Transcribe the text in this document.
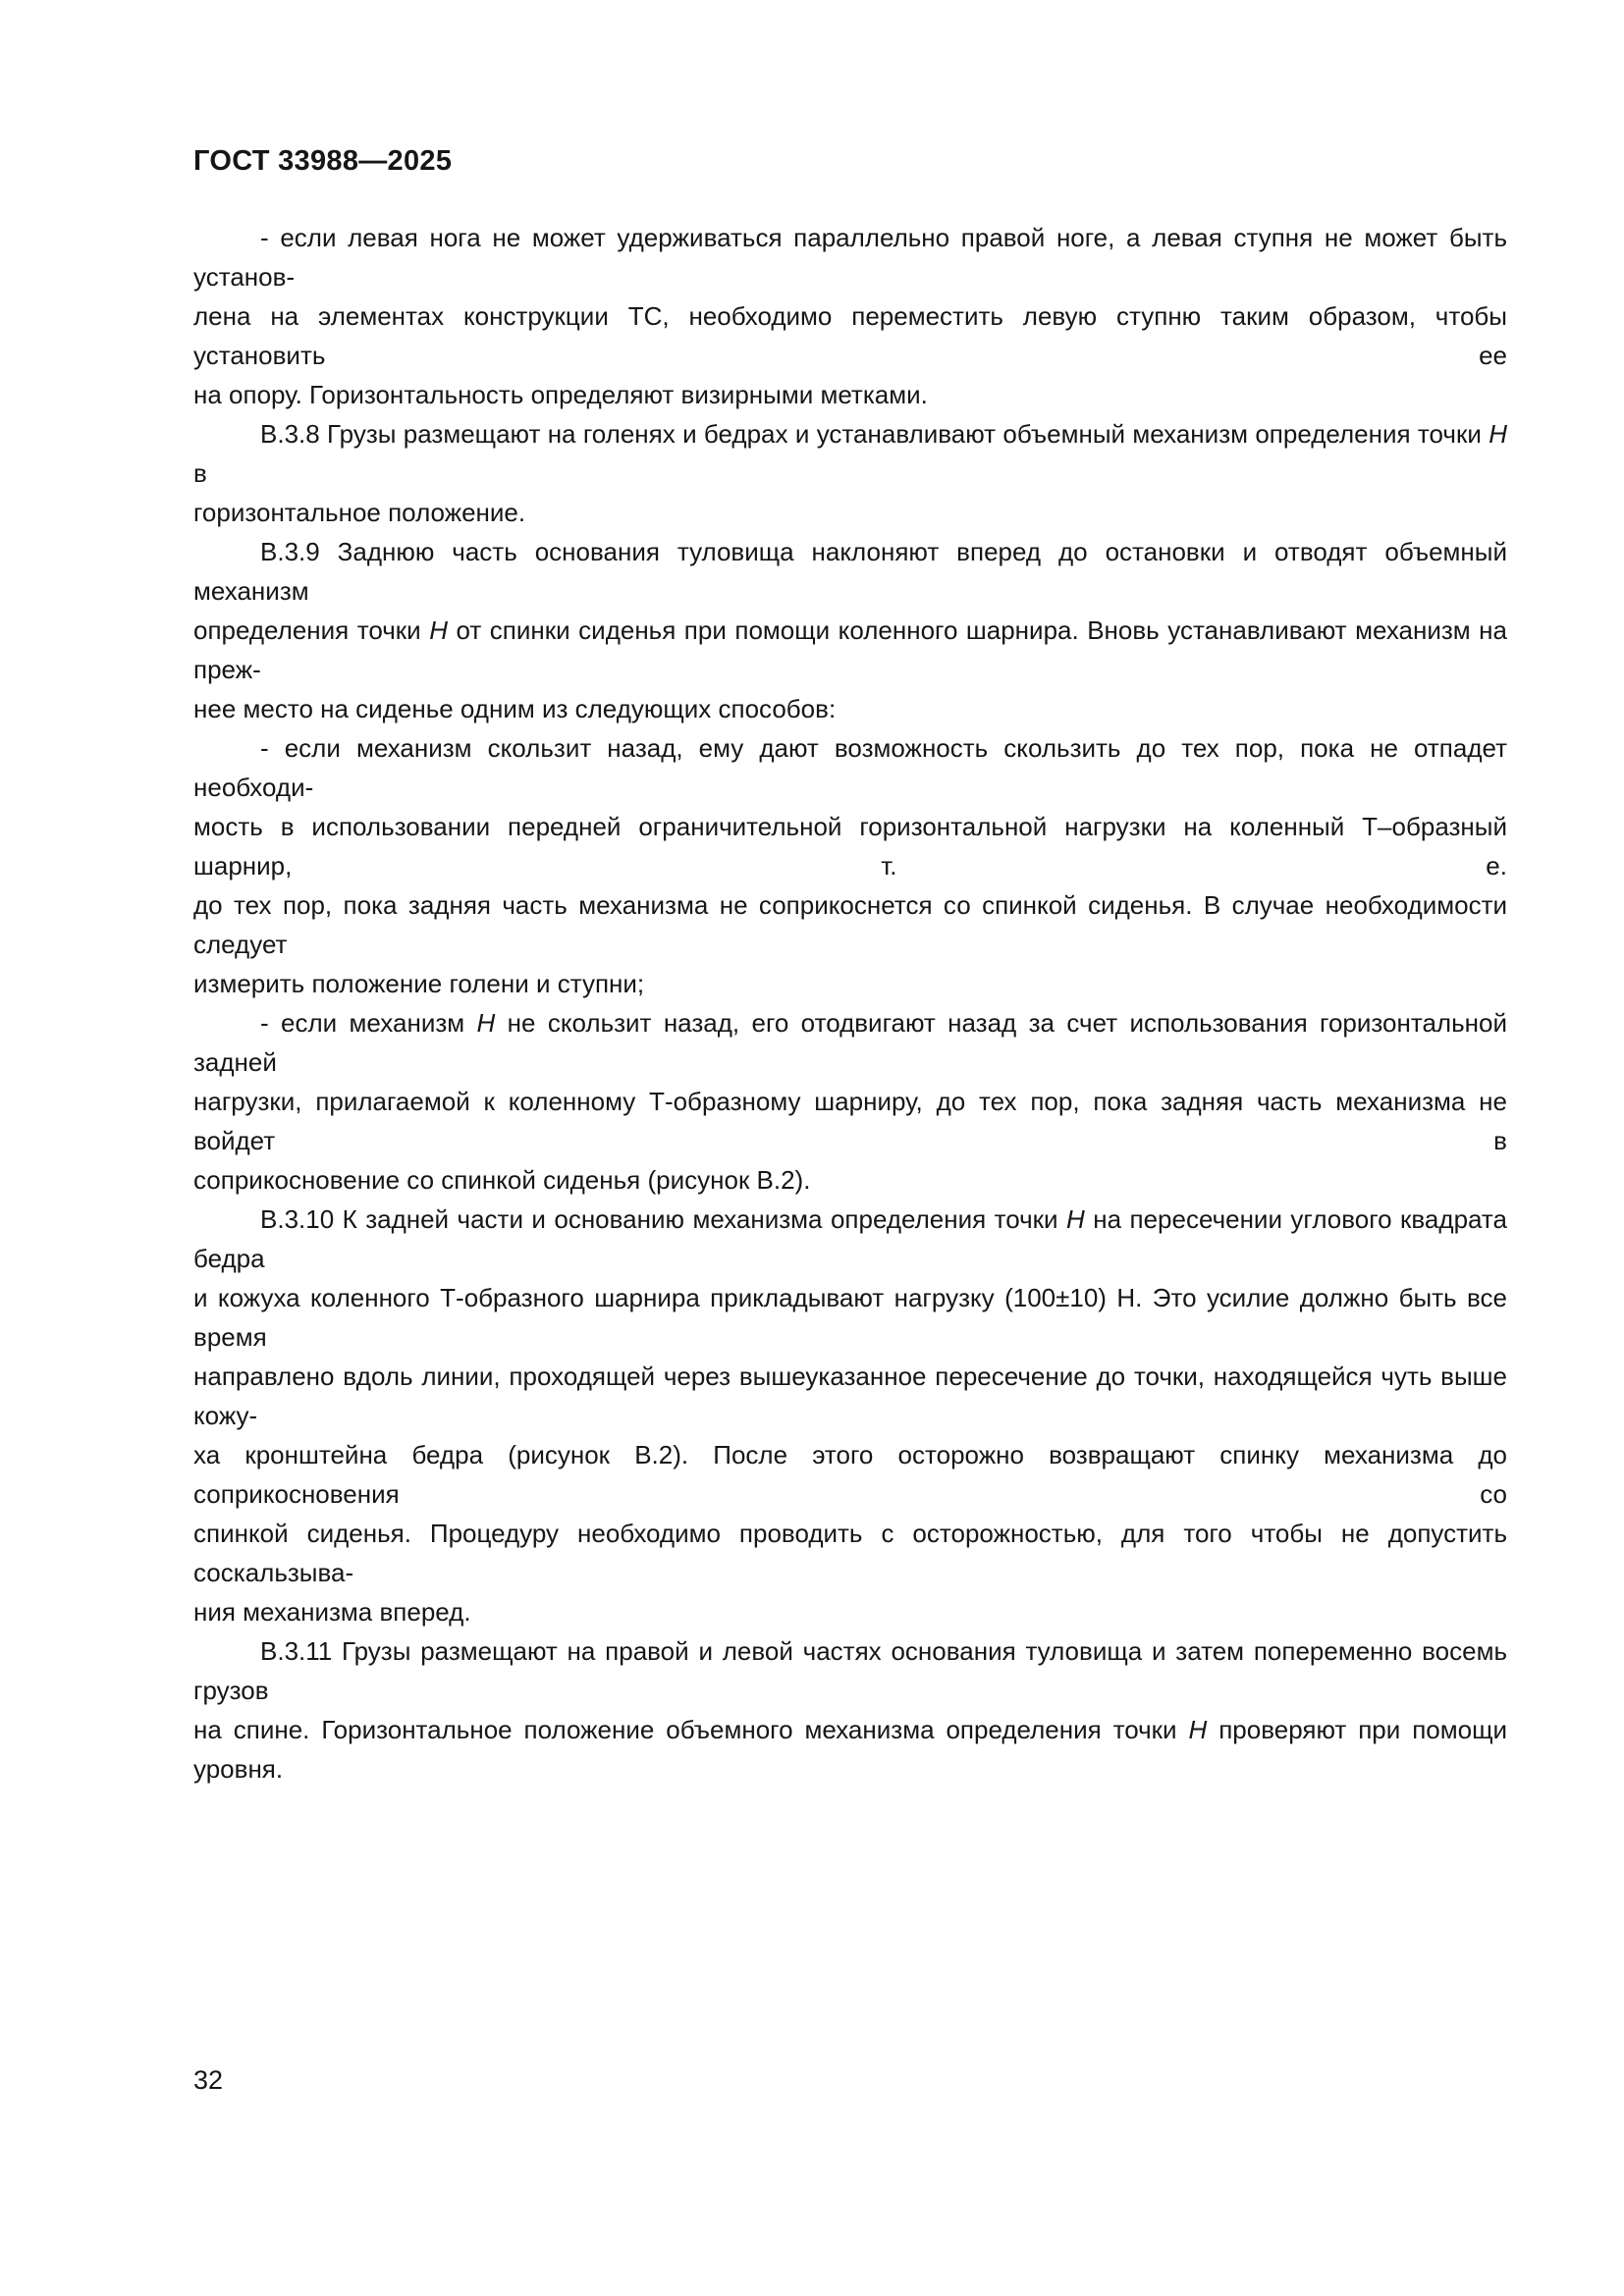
ГОСТ 33988—2025
- если левая нога не может удерживаться параллельно правой ноге, а левая ступня не может быть установ-
лена на элементах конструкции ТС, необходимо переместить левую ступню таким образом, чтобы установить ее
на опору. Горизонтальность определяют визирными метками.
В.3.8 Грузы размещают на голенях и бедрах и устанавливают объемный механизм определения точки Н в
горизонтальное положение.
В.3.9 Заднюю часть основания туловища наклоняют вперед до остановки и отводят объемный механизм
определения точки Н от спинки сиденья при помощи коленного шарнира. Вновь устанавливают механизм на преж-
нее место на сиденье одним из следующих способов:
- если механизм скользит назад, ему дают возможность скользить до тех пор, пока не отпадет необходи-
мость в использовании передней ограничительной горизонтальной нагрузки на коленный Т–образный шарнир, т. е.
до тех пор, пока задняя часть механизма не соприкоснется со спинкой сиденья. В случае необходимости следует
измерить положение голени и ступни;
- если механизм Н не скользит назад, его отодвигают назад за счет использования горизонтальной задней
нагрузки, прилагаемой к коленному Т-образному шарниру, до тех пор, пока задняя часть механизма не войдет в
соприкосновение со спинкой сиденья (рисунок В.2).
В.3.10 К задней части и основанию механизма определения точки Н на пересечении углового квадрата бедра
и кожуха коленного Т-образного шарнира прикладывают нагрузку (100±10) Н. Это усилие должно быть все время
направлено вдоль линии, проходящей через вышеуказанное пересечение до точки, находящейся чуть выше кожу-
ха кронштейна бедра (рисунок В.2). После этого осторожно возвращают спинку механизма до соприкосновения со
спинкой сиденья. Процедуру необходимо проводить с осторожностью, для того чтобы не допустить соскальзыва-
ния механизма вперед.
В.3.11 Грузы размещают на правой и левой частях основания туловища и затем попеременно восемь грузов
на спине. Горизонтальное положение объемного механизма определения точки Н проверяют при помощи уровня.
32
